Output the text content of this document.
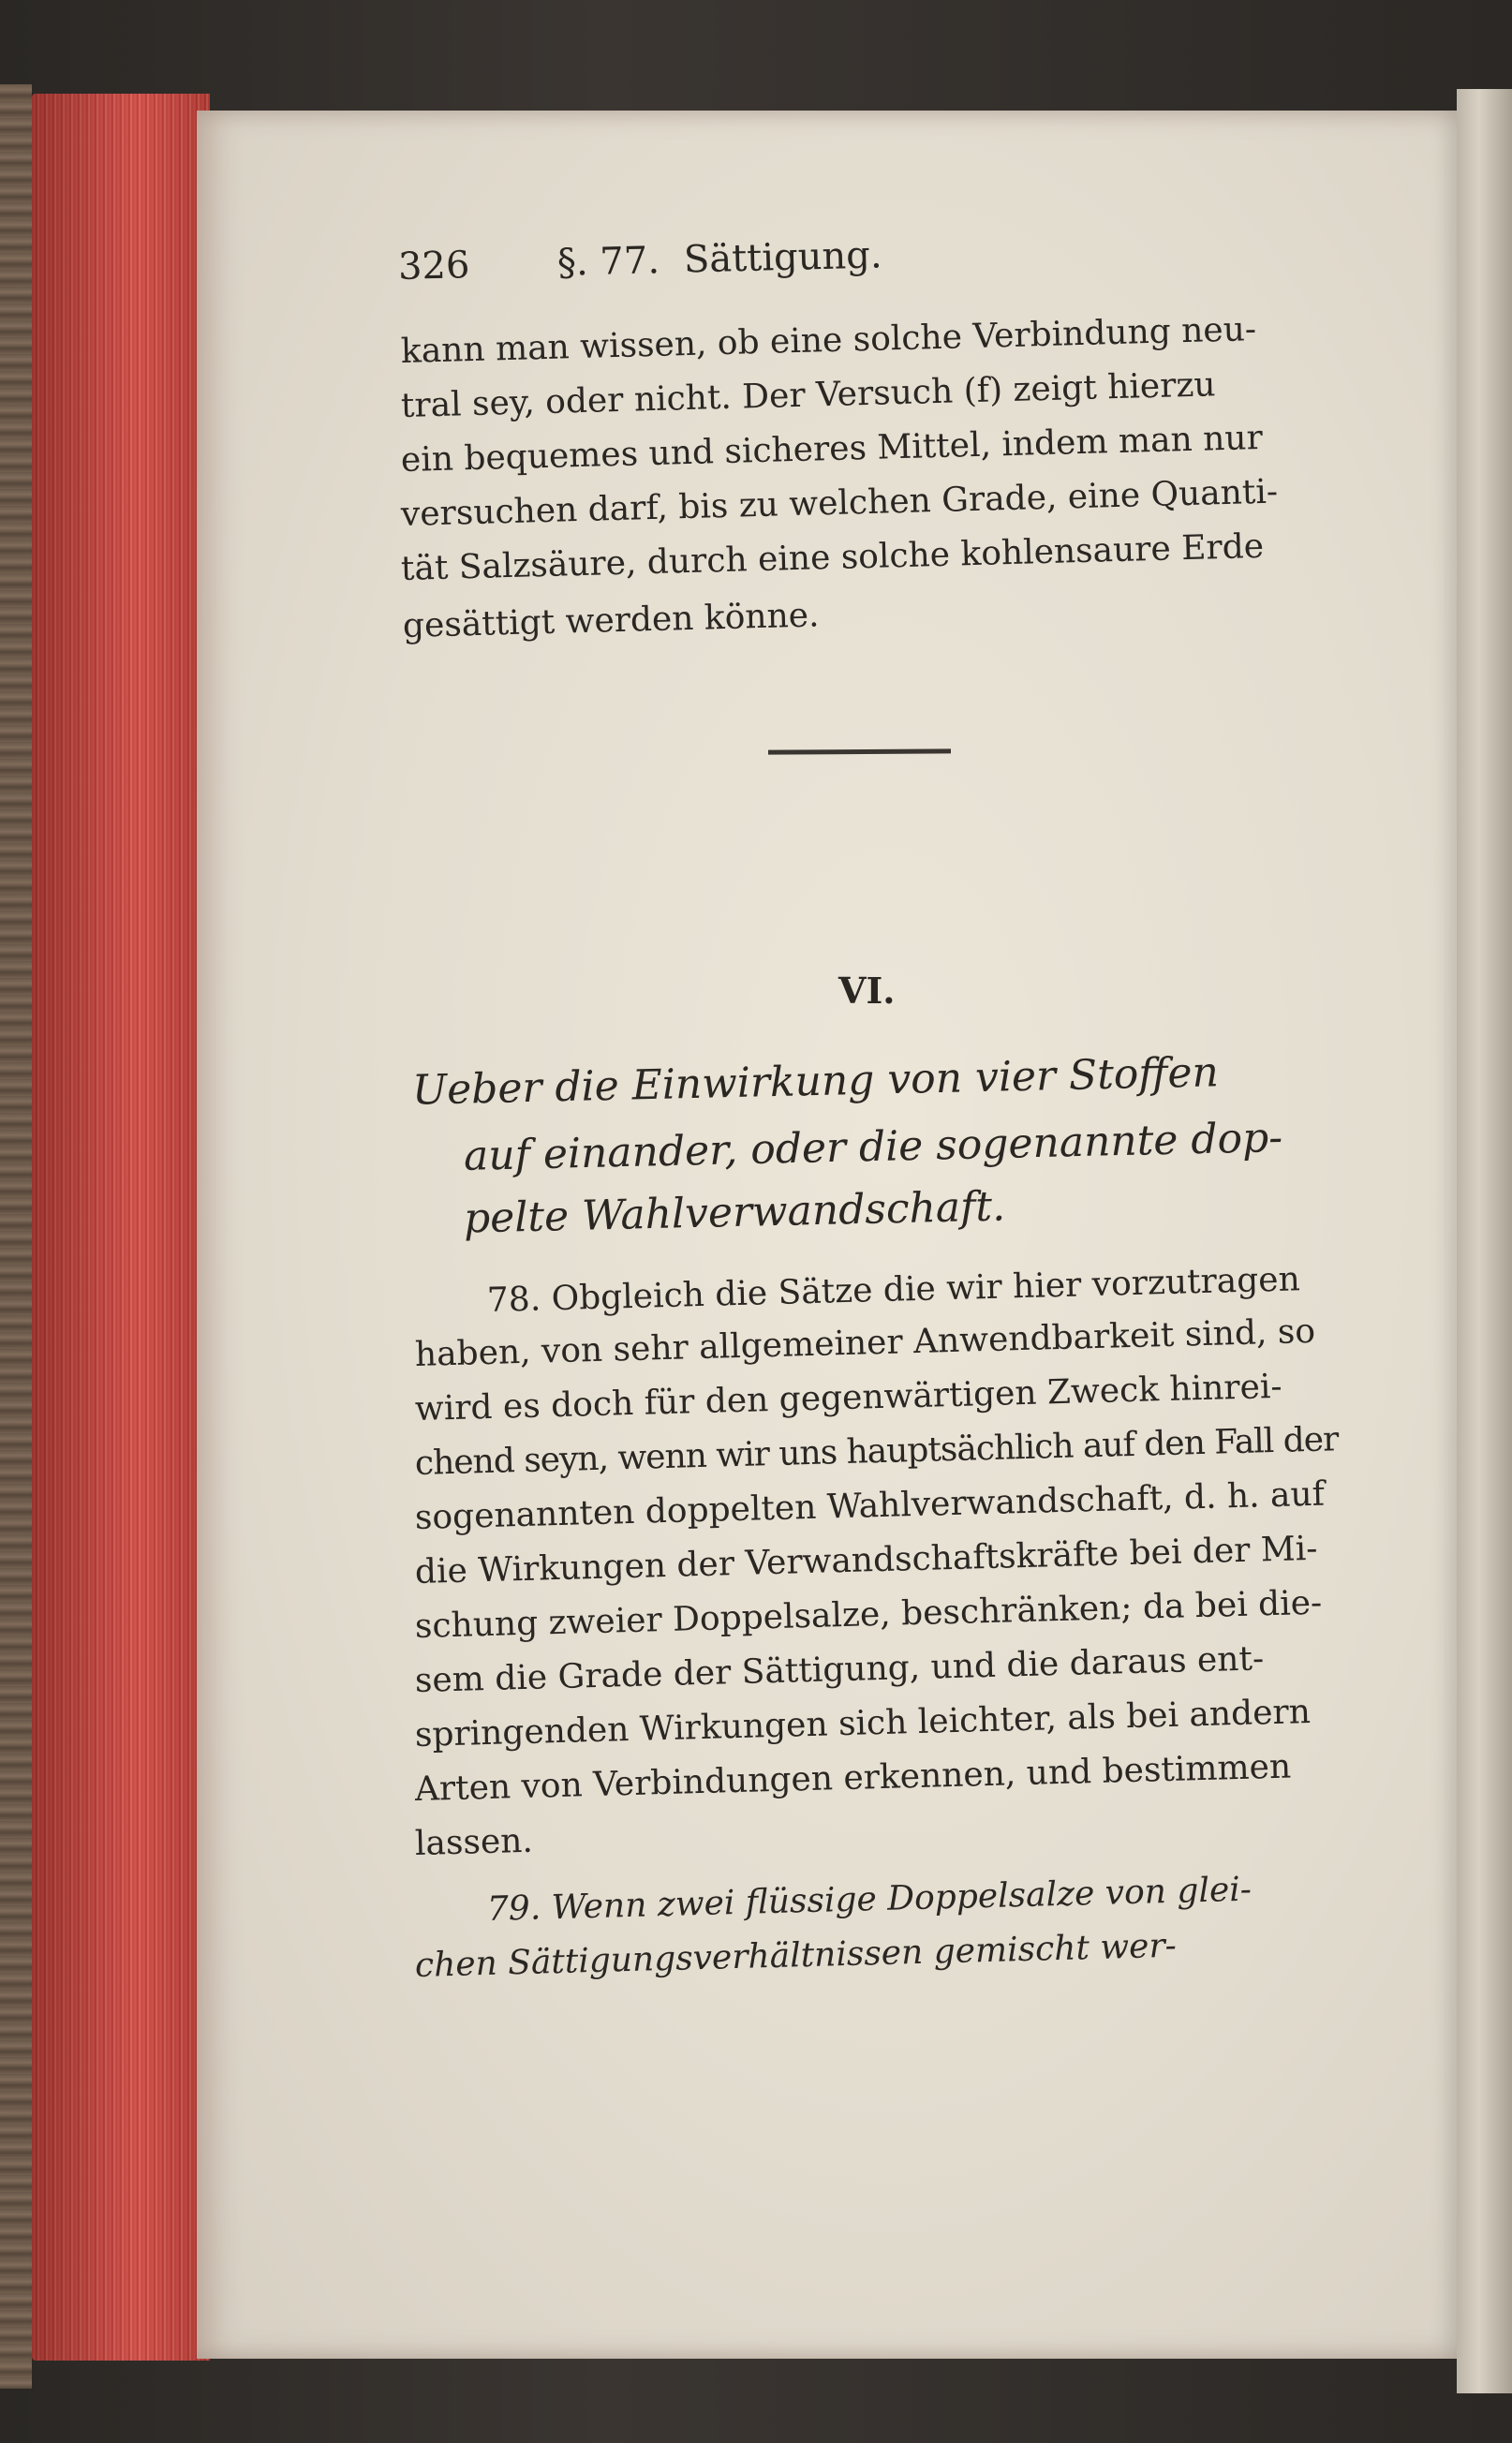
326 §. 77. Sättigung.
kann man wissen, ob eine solche Verbindung neu-
tral sey, oder nicht. Der Versuch (f) zeigt hierzu
ein bequemes und sicheres Mittel, indem man nur
versuchen darf, bis zu welchen Grade, eine Quanti-
tät Salzsäure, durch eine solche kohlensaure Erde
gesättigt werden könne.
VI.
Ueber die Einwirkung von vier Stoffen
auf einander, oder die sogenannte dop-
pelte Wahlverwandschaft.
78. Obgleich die Sätze die wir hier vorzutragen
haben, von sehr allgemeiner Anwendbarkeit sind, so
wird es doch für den gegenwärtigen Zweck hinrei-
chend seyn, wenn wir uns hauptsächlich auf den Fall der
sogenannten doppelten Wahlverwandschaft, d. h. auf
die Wirkungen der Verwandschaftskräfte bei der Mi-
schung zweier Doppelsalze, beschränken; da bei die-
sem die Grade der Sättigung, und die daraus ent-
springenden Wirkungen sich leichter, als bei andern
Arten von Verbindungen erkennen, und bestimmen
lassen.
79. Wenn zwei flüssige Doppelsalze von glei-
chen Sättigungsverhältnissen gemischt wer-
